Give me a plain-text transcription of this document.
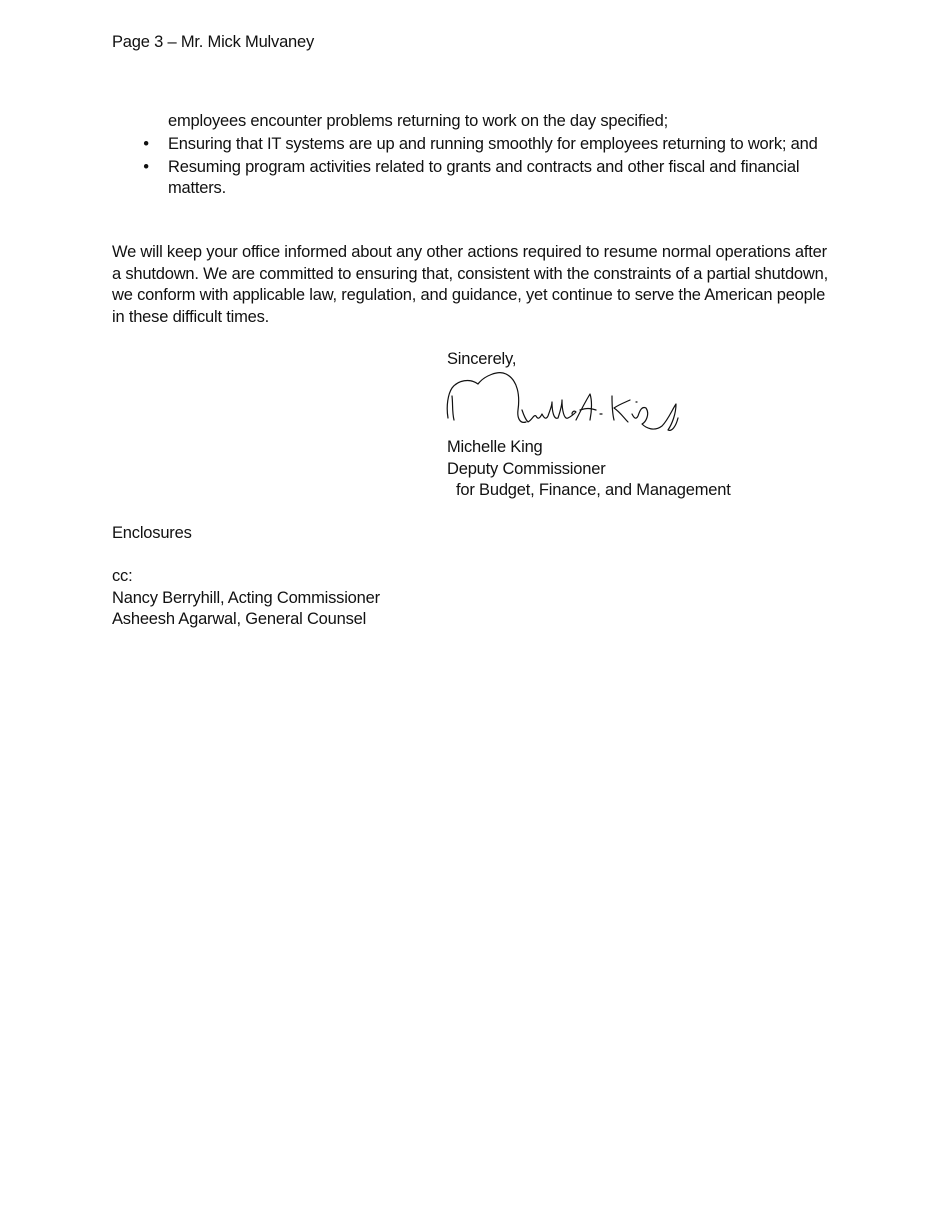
Page 3 – Mr. Mick Mulvaney
employees encounter problems returning to work on the day specified;
• Ensuring that IT systems are up and running smoothly for employees returning to work; and
• Resuming program activities related to grants and contracts and other fiscal and financial matters.

We will keep your office informed about any other actions required to resume normal operations after a shutdown. We are committed to ensuring that, consistent with the constraints of a partial shutdown, we conform with applicable law, regulation, and guidance, yet continue to serve the American people in these difficult times.

Sincerely,
Michelle King
Deputy Commissioner
for Budget, Finance, and Management
Enclosures
cc:
Nancy Berryhill, Acting Commissioner
Asheesh Agarwal, General Counsel
